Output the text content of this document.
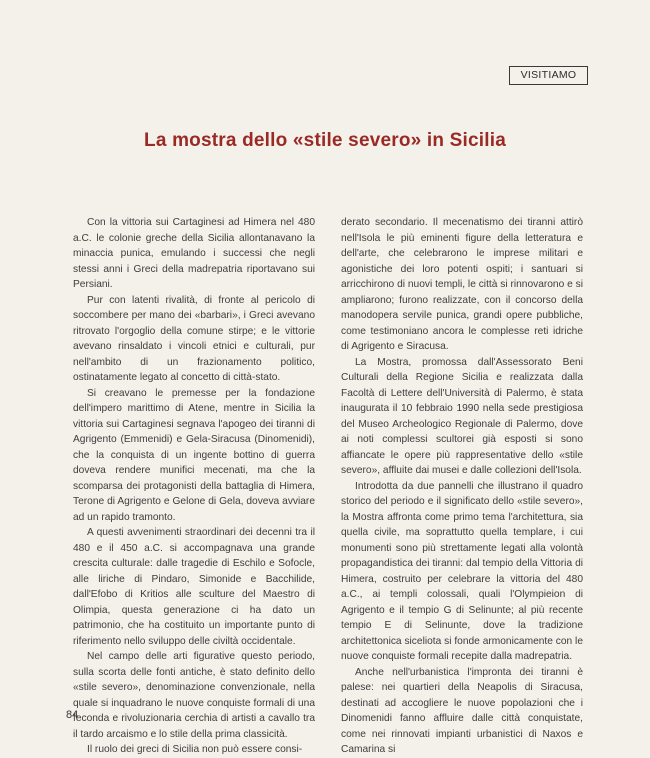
VISITIAMO
La mostra dello «stile severo» in Sicilia

Con la vittoria sui Cartaginesi ad Himera nel 480 a.C. le colonie greche della Sicilia allontanavano la minaccia punica, emulando i successi che negli stessi anni i Greci della madrepatria riportavano sui Persiani.

Pur con latenti rivalità, di fronte al pericolo di soccombere per mano dei «barbari», i Greci avevano ritrovato l'orgoglio della comune stirpe; e le vittorie avevano rinsaldato i vincoli etnici e culturali, pur nell'ambito di un frazionamento politico, ostinatamente legato al concetto di città-stato.

Si creavano le premesse per la fondazione dell'impero marittimo di Atene, mentre in Sicilia la vittoria sui Cartaginesi segnava l'apogeo dei tiranni di Agrigento (Emmenidi) e Gela-Siracusa (Dinomenidi), che la conquista di un ingente bottino di guerra doveva rendere munifici mecenati, ma che la scomparsa dei protagonisti della battaglia di Himera, Terone di Agrigento e Gelone di Gela, doveva avviare ad un rapido tramonto.

A questi avvenimenti straordinari dei decenni tra il 480 e il 450 a.C. si accompagnava una grande crescita culturale: dalle tragedie di Eschilo e Sofocle, alle liriche di Pindaro, Simonide e Bacchilide, dall'Efobo di Kritios alle sculture del Maestro di Olimpia, questa generazione ci ha dato un patrimonio, che ha costituito un importante punto di riferimento nello sviluppo delle civiltà occidentale.

Nel campo delle arti figurative questo periodo, sulla scorta delle fonti antiche, è stato definito dello «stile severo», denominazione convenzionale, nella quale si inquadrano le nuove conquiste formali di una feconda e rivoluzionaria cerchia di artisti a cavallo tra il tardo arcaismo e lo stile della prima classicità.

Il ruolo dei greci di Sicilia non può essere consi-

derato secondario. Il mecenatismo dei tiranni attirò nell'Isola le più eminenti figure della letteratura e dell'arte, che celebrarono le imprese militari e agonistiche dei loro potenti ospiti; i santuari si arricchirono di nuovi templi, le città si rinnovarono e si ampliarono; furono realizzate, con il concorso della manodopera servile punica, grandi opere pubbliche, come testimoniano ancora le complesse reti idriche di Agrigento e Siracusa.

La Mostra, promossa dall'Assessorato Beni Culturali della Regione Sicilia e realizzata dalla Facoltà di Lettere dell'Università di Palermo, è stata inaugurata il 10 febbraio 1990 nella sede prestigiosa del Museo Archeologico Regionale di Palermo, dove ai noti complessi scultorei già esposti si sono affiancate le opere più rappresentative dello «stile severo», affluite dai musei e dalle collezioni dell'Isola.

Introdotta da due pannelli che illustrano il quadro storico del periodo e il significato dello «stile severo», la Mostra affronta come primo tema l'architettura, sia quella civile, ma soprattutto quella templare, i cui monumenti sono più strettamente legati alla volontà propagandistica dei tiranni: dal tempio della Vittoria di Himera, costruito per celebrare la vittoria del 480 a.C., ai templi colossali, quali l'Olympieion di Agrigento e il tempio G di Selinunte; al più recente tempio E di Selinunte, dove la tradizione architettonica siceliota si fonde armonicamente con le nuove conquiste formali recepite dalla madrepatria.

Anche nell'urbanistica l'impronta dei tiranni è palese: nei quartieri della Neapolis di Siracusa, destinati ad accogliere le nuove popolazioni che i Dinomenidi fanno affluire dalle città conquistate, come nei rinnovati impianti urbanistici di Naxos e Camarina si

84
